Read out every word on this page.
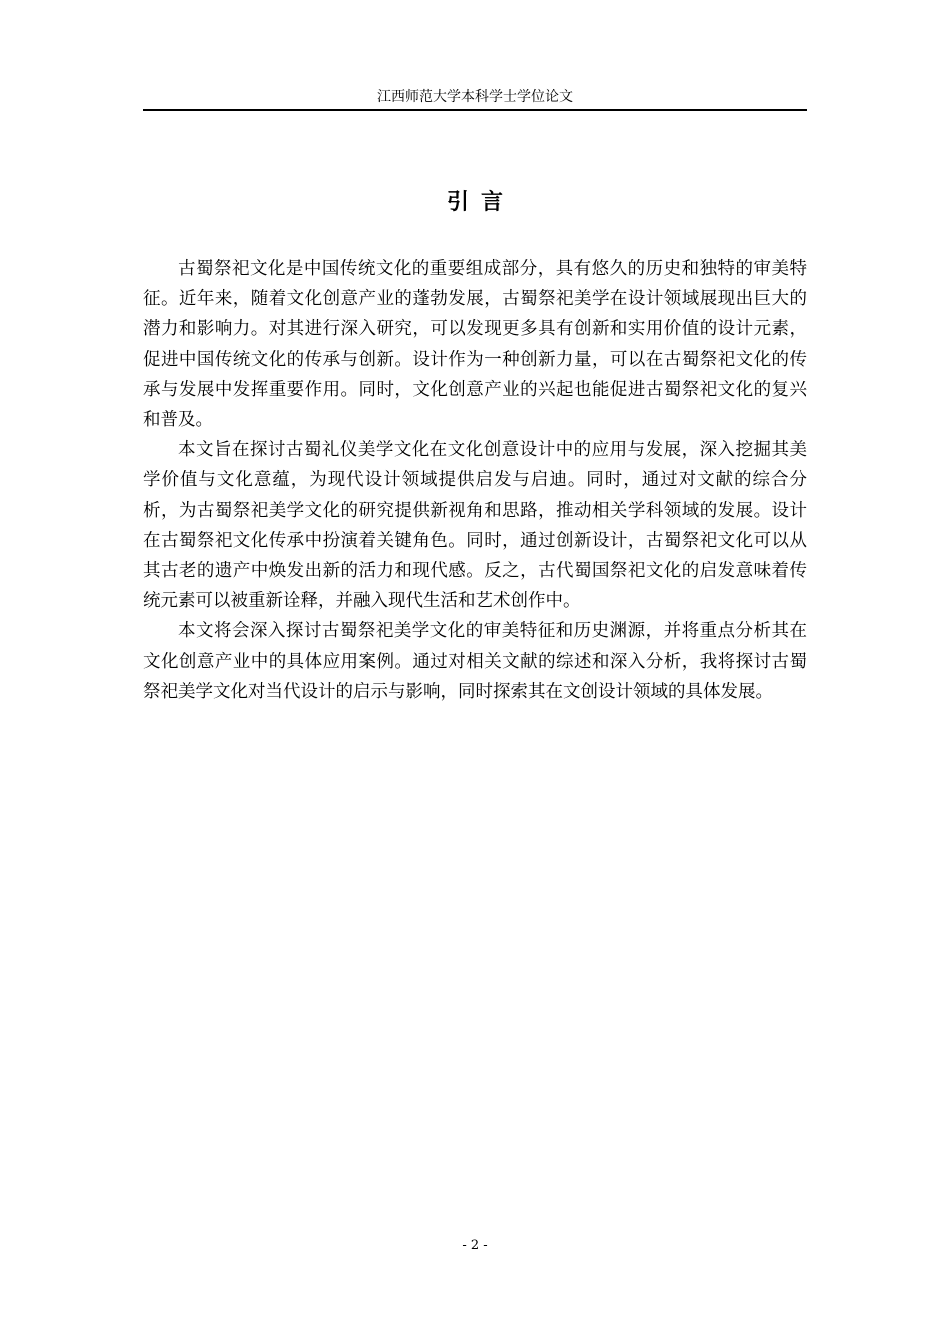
江西师范大学本科学士学位论文
引言

古蜀祭祀文化是中国传统文化的重要组成部分，具有悠久的历史和独特的审美特征。近年来，随着文化创意产业的蓬勃发展，古蜀祭祀美学在设计领域展现出巨大的潜力和影响力。对其进行深入研究，可以发现更多具有创新和实用价值的设计元素，促进中国传统文化的传承与创新。设计作为一种创新力量，可以在古蜀祭祀文化的传承与发展中发挥重要作用。同时，文化创意产业的兴起也能促进古蜀祭祀文化的复兴和普及。

本文旨在探讨古蜀礼仪美学文化在文化创意设计中的应用与发展，深入挖掘其美学价值与文化意蕴，为现代设计领域提供启发与启迪。同时，通过对文献的综合分析，为古蜀祭祀美学文化的研究提供新视角和思路，推动相关学科领域的发展。设计在古蜀祭祀文化传承中扮演着关键角色。同时，通过创新设计，古蜀祭祀文化可以从其古老的遗产中焕发出新的活力和现代感。反之，古代蜀国祭祀文化的启发意味着传统元素可以被重新诠释，并融入现代生活和艺术创作中。

本文将会深入探讨古蜀祭祀美学文化的审美特征和历史渊源，并将重点分析其在文化创意产业中的具体应用案例。通过对相关文献的综述和深入分析，我将探讨古蜀祭祀美学文化对当代设计的启示与影响，同时探索其在文创设计领域的具体发展。

- 2 -
